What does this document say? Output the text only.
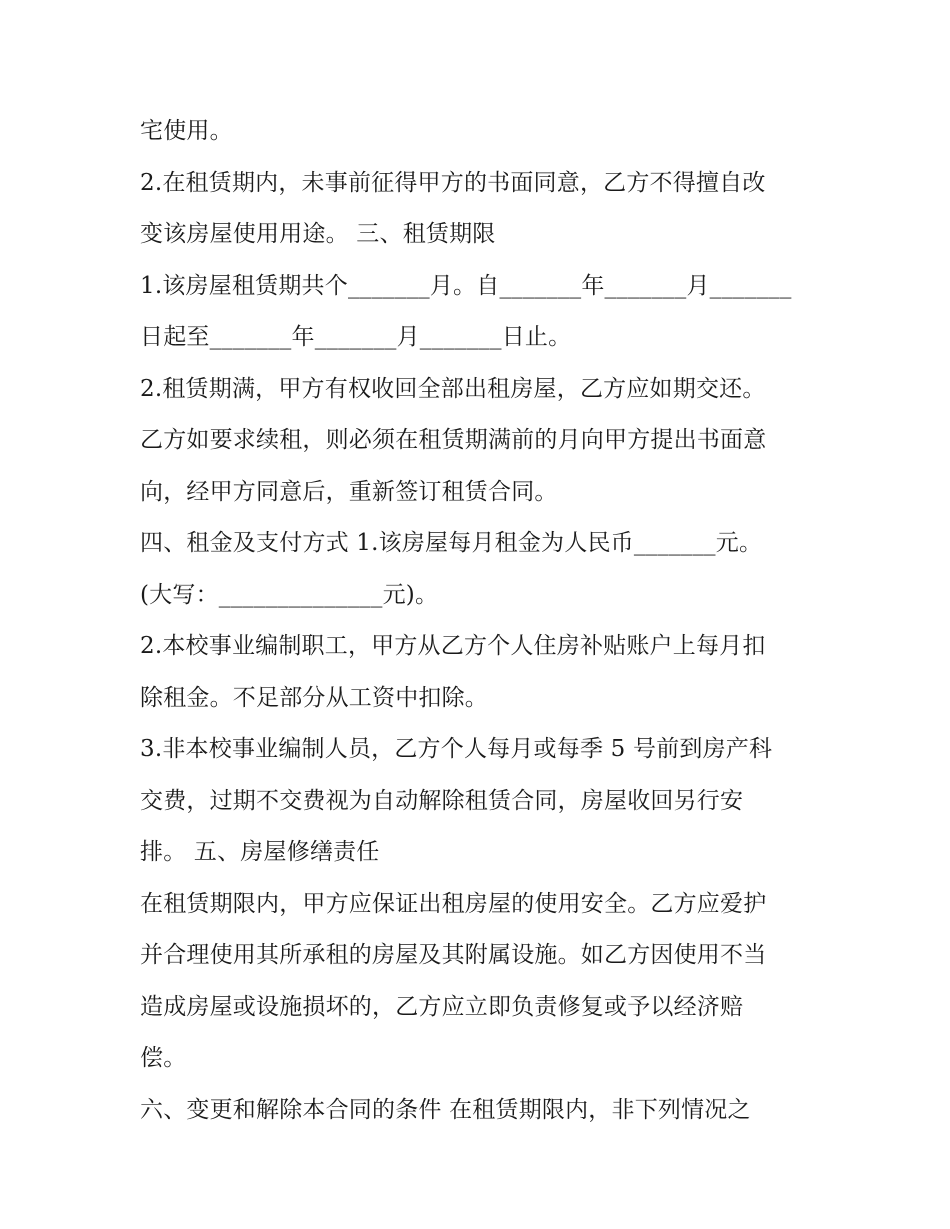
宅使用。
2.在租赁期内，未事前征得甲方的书面同意，乙方不得擅自改
变该房屋使用用途。 三、租赁期限
1.该房屋租赁期共个_______月。自_______年_______月_______
日起至_______年_______月_______日止。
2.租赁期满，甲方有权收回全部出租房屋，乙方应如期交还。
乙方如要求续租，则必须在租赁期满前的月向甲方提出书面意
向，经甲方同意后，重新签订租赁合同。
四、租金及支付方式 1.该房屋每月租金为人民币_______元。
(大写：______________元)。
2.本校事业编制职工，甲方从乙方个人住房补贴账户上每月扣
除租金。不足部分从工资中扣除。
3.非本校事业编制人员，乙方个人每月或每季 5 号前到房产科
交费，过期不交费视为自动解除租赁合同，房屋收回另行安
排。 五、房屋修缮责任
在租赁期限内，甲方应保证出租房屋的使用安全。乙方应爱护
并合理使用其所承租的房屋及其附属设施。如乙方因使用不当
造成房屋或设施损坏的，乙方应立即负责修复或予以经济赔
偿。
六、变更和解除本合同的条件 在租赁期限内，非下列情况之
